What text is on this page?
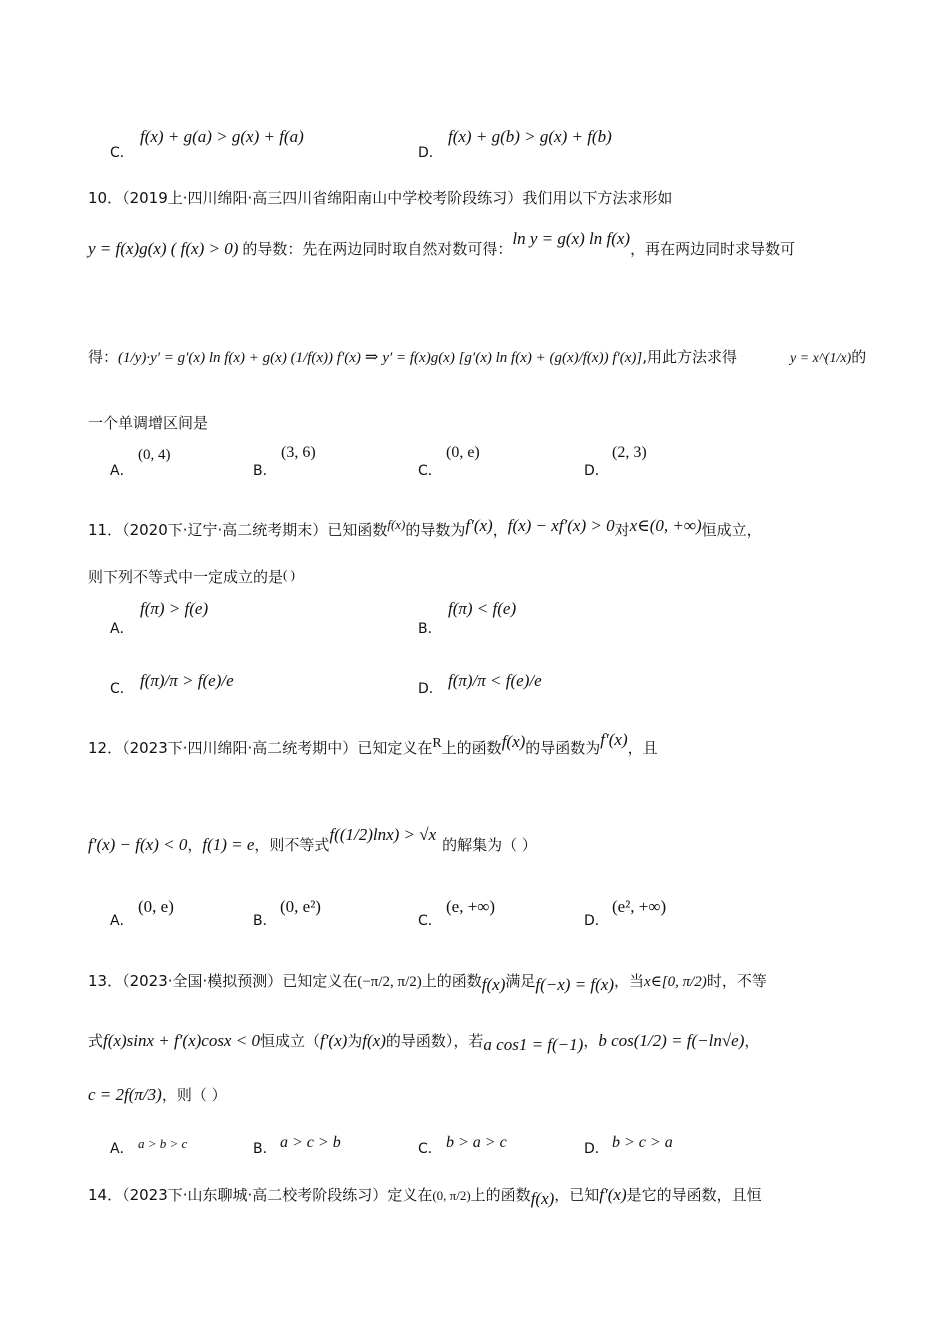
C．
f(x) + g(a) > g(x) + f(a)
D．
f(x) + g(b) > g(x) + f(b)
10．（2019上·四川绵阳·高三四川省绵阳南山中学校考阶段练习）我们用以下方法求形如
y = f(x)g(x) ( f(x) > 0) 的导数：先在两边同时取自然对数可得：ln y = g(x) ln f(x)，再在两边同时求导数可
得：(1/y)·y′ = g′(x) ln f(x) + g(x) (1/f(x)) f′(x) ⇒ y′ = f(x)g(x) [g′(x) ln f(x) + (g(x)/f(x)) f′(x)],用此方法求得	y = x^(1/x)的
一个单调增区间是
A．
(0, 4)
B．
(3, 6)
C．
(0, e)
D．
(2, 3)
11．（2020下·辽宁·高二统考期末）已知函数f(x)的导数为f′(x)，f(x) − xf′(x) > 0对x∈(0, +∞)恒成立，
则下列不等式中一定成立的是( )
A．
f(π) > f(e)
B．
f(π) < f(e)
C． f(π)/π > f(e)/e	D． f(π)/π < f(e)/e
12．（2023下·四川绵阳·高二统考期中）已知定义在R上的函数f(x)的导函数为f′(x)，且
f′(x) − f(x) < 0，f(1) = e，则不等式f((1/2)lnx) > √x的解集为（ ）
A．
(0, e)
B．
(0, e²)
C．
(e, +∞)
D．
(e², +∞)
13．（2023·全国·模拟预测）已知定义在(−π/2, π/2)上的函数f(x)满足f(−x) = f(x)，当x∈[0, π/2)时，不等
式f(x)sinx + f′(x)cosx < 0恒成立（f′(x)为f(x)的导函数），若a cos1 = f(−1)，b cos(1/2) = f(−ln√e)，
c = 2f(π/3)，则（ ）
A． a > b > c	B． a > c > b	C． b > a > c	D． b > c > a
14．（2023下·山东聊城·高二校考阶段练习）定义在(0, π/2)上的函数f(x)，已知f′(x)是它的导函数，且恒
